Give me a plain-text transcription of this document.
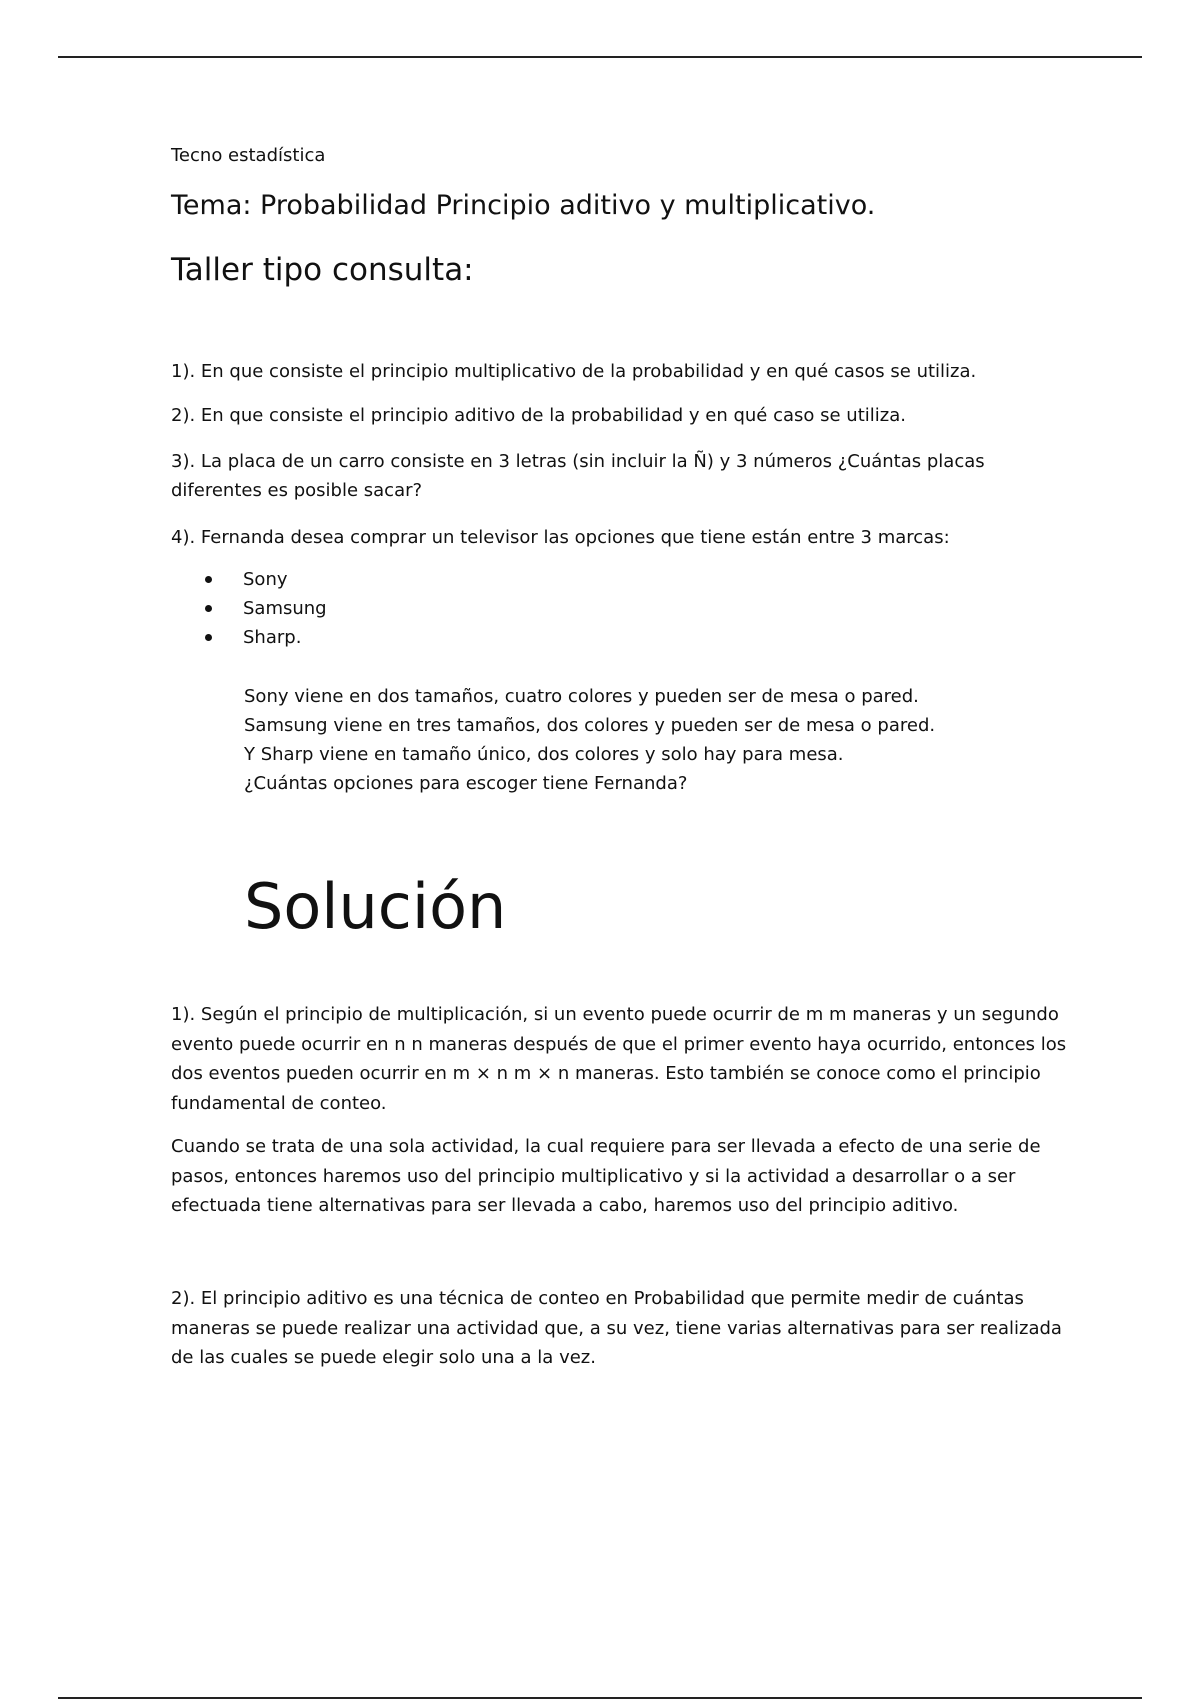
Tecno estadística

Tema: Probabilidad Principio aditivo y multiplicativo.
Taller tipo consulta:

1). En que consiste el principio multiplicativo de la probabilidad y en qué casos se utiliza.

2). En que consiste el principio aditivo de la probabilidad y en qué caso se utiliza.

3). La placa de un carro consiste en 3 letras (sin incluir la Ñ) y 3 números ¿Cuántas placas diferentes es posible sacar?

4). Fernanda desea comprar un televisor las opciones que tiene están entre 3 marcas:

Sony
Samsung
Sharp.

Sony viene en dos tamaños, cuatro colores y pueden ser de mesa o pared.

Samsung viene en tres tamaños, dos colores y pueden ser de mesa o pared.

Y Sharp viene en tamaño único, dos colores y solo hay para mesa.

¿Cuántas opciones para escoger tiene Fernanda?

Solución

1). Según el principio de multiplicación, si un evento puede ocurrir de m m maneras y un segundo evento puede ocurrir en n n maneras después de que el primer evento haya ocurrido, entonces los dos eventos pueden ocurrir en m × n m × n maneras. Esto también se conoce como el principio fundamental de conteo.

Cuando se trata de una sola actividad, la cual requiere para ser llevada a efecto de una serie de pasos, entonces haremos uso del principio multiplicativo y si la actividad a desarrollar o a ser efectuada tiene alternativas para ser llevada a cabo, haremos uso del principio aditivo.

2). El principio aditivo es una técnica de conteo en Probabilidad que permite medir de cuántas maneras se puede realizar una actividad que, a su vez, tiene varias alternativas para ser realizada de las cuales se puede elegir solo una a la vez.
